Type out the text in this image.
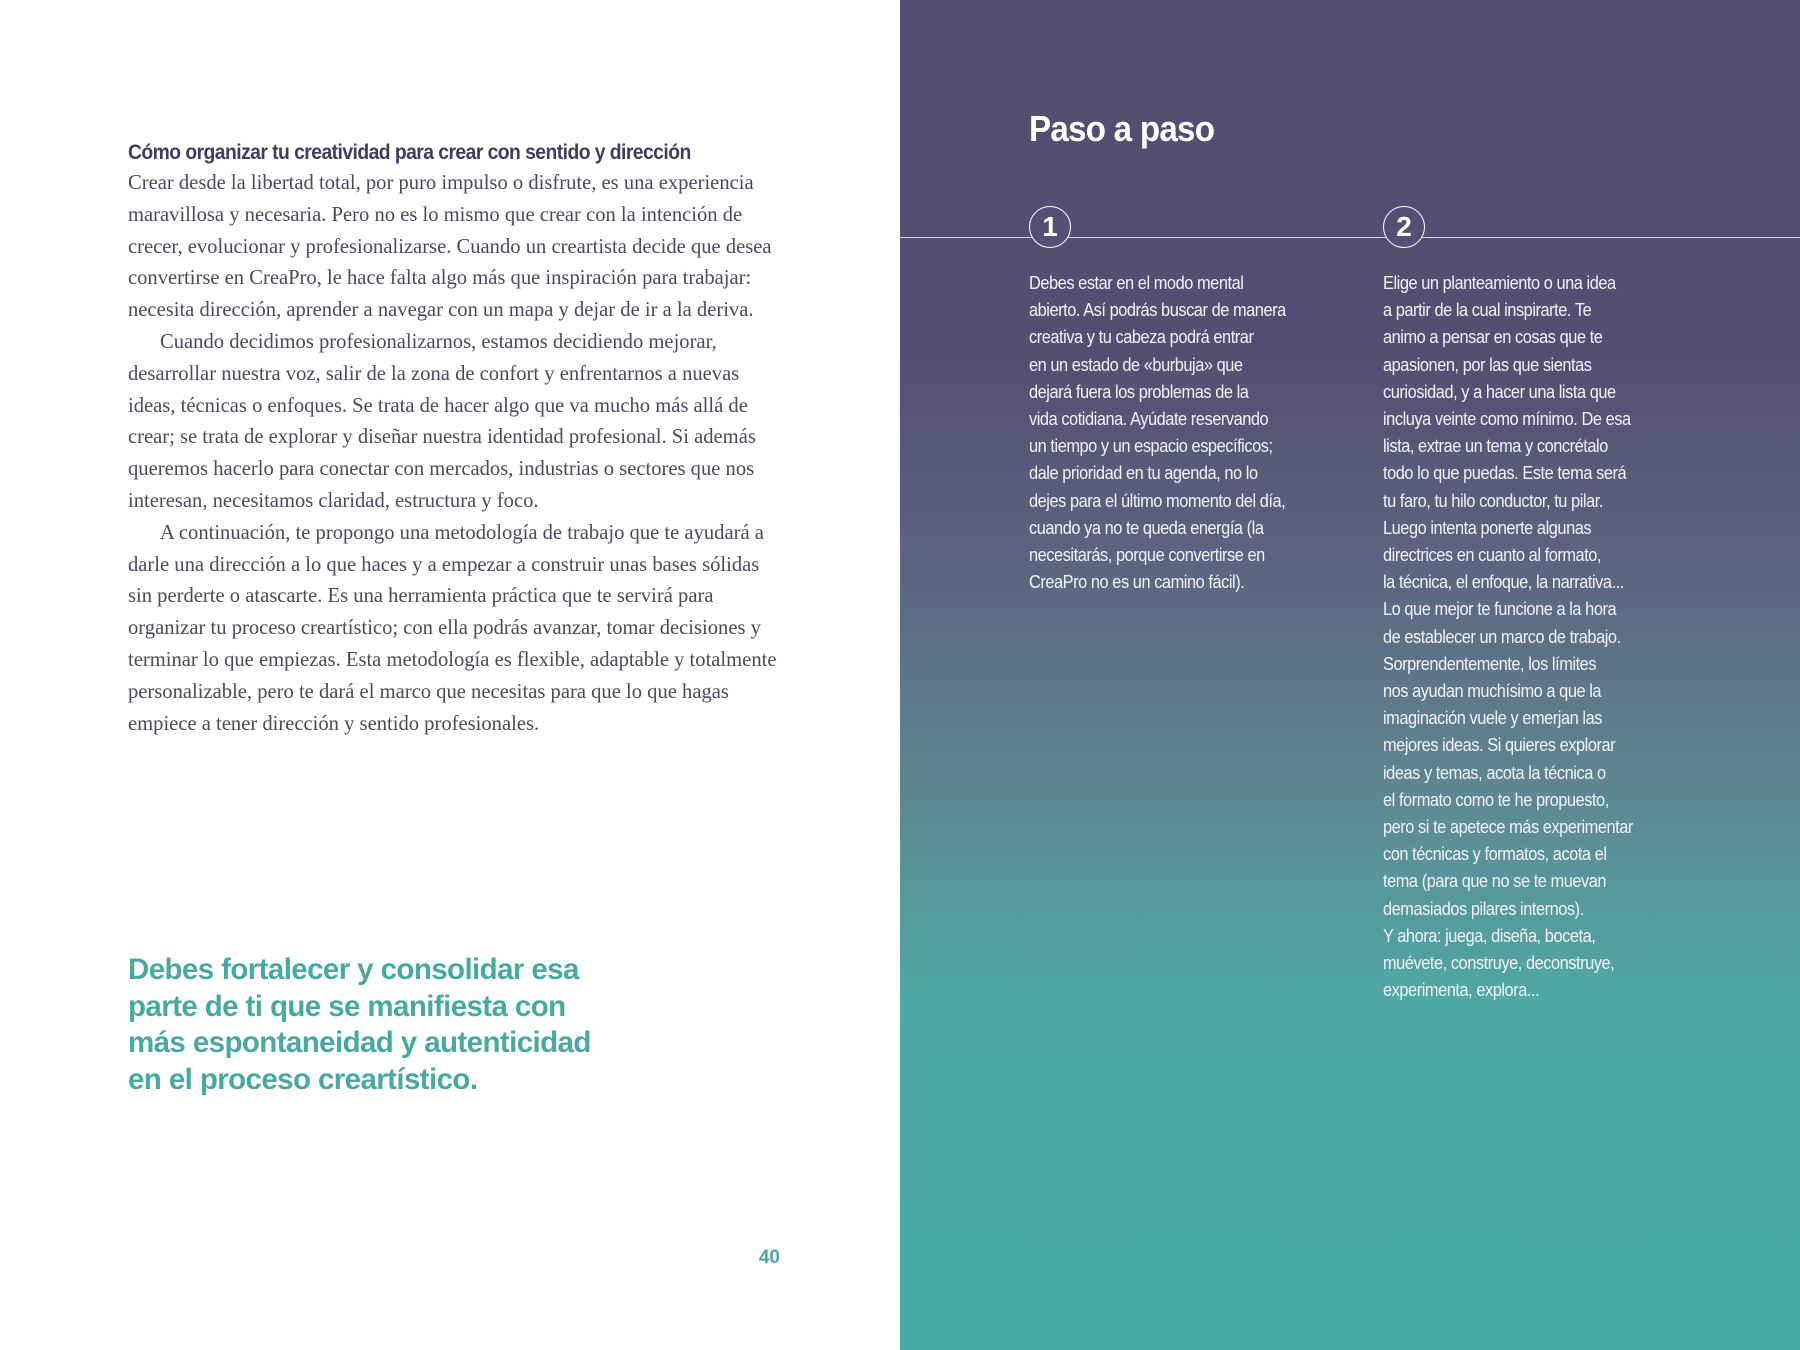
Cómo organizar tu creatividad para crear con sentido y dirección

Crear desde la libertad total, por puro impulso o disfrute, es una experiencia maravillosa y necesaria. Pero no es lo mismo que crear con la intención de crecer, evolucionar y profesionalizarse. Cuando un creartista decide que desea convertirse en CreaPro, le hace falta algo más que inspiración para trabajar: necesita dirección, aprender a navegar con un mapa y dejar de ir a la deriva.

Cuando decidimos profesionalizarnos, estamos decidiendo mejorar, desarrollar nuestra voz, salir de la zona de confort y enfrentarnos a nuevas ideas, técnicas o enfoques. Se trata de hacer algo que va mucho más allá de crear; se trata de explorar y diseñar nuestra identidad profesional. Si además queremos hacerlo para conectar con mercados, industrias o sectores que nos interesan, necesitamos claridad, estructura y foco.

A continuación, te propongo una metodología de trabajo que te ayudará a darle una dirección a lo que haces y a empezar a construir unas bases sólidas sin perderte o atascarte. Es una herramienta práctica que te servirá para organizar tu proceso creartístico; con ella podrás avanzar, tomar decisiones y terminar lo que empiezas. Esta metodología es flexible, adaptable y totalmente personalizable, pero te dará el marco que necesitas para que lo que hagas empiece a tener dirección y sentido profesionales.

Debes fortalecer y consolidar esa parte de ti que se manifiesta con más espontaneidad y autenticidad en el proceso creartístico.

40
Paso a paso
1	2
Debes estar en el modo mental
abierto. Así podrás buscar de manera
creativa y tu cabeza podrá entrar
en un estado de «burbuja» que
dejará fuera los problemas de la
vida cotidiana. Ayúdate reservando
un tiempo y un espacio específicos;
dale prioridad en tu agenda, no lo
dejes para el último momento del día,
cuando ya no te queda energía (la
necesitarás, porque convertirse en
CreaPro no es un camino fácil).
Elige un planteamiento o una idea
a partir de la cual inspirarte. Te
animo a pensar en cosas que te
apasionen, por las que sientas
curiosidad, y a hacer una lista que
incluya veinte como mínimo. De esa
lista, extrae un tema y concrétalo
todo lo que puedas. Este tema será
tu faro, tu hilo conductor, tu pilar.
Luego intenta ponerte algunas
directrices en cuanto al formato,
la técnica, el enfoque, la narrativa...
Lo que mejor te funcione a la hora
de establecer un marco de trabajo.
Sorprendentemente, los límites
nos ayudan muchísimo a que la
imaginación vuele y emerjan las
mejores ideas. Si quieres explorar
ideas y temas, acota la técnica o
el formato como te he propuesto,
pero si te apetece más experimentar
con técnicas y formatos, acota el
tema (para que no se te muevan
demasiados pilares internos).
Y ahora: juega, diseña, boceta,
muévete, construye, deconstruye,
experimenta, explora...
